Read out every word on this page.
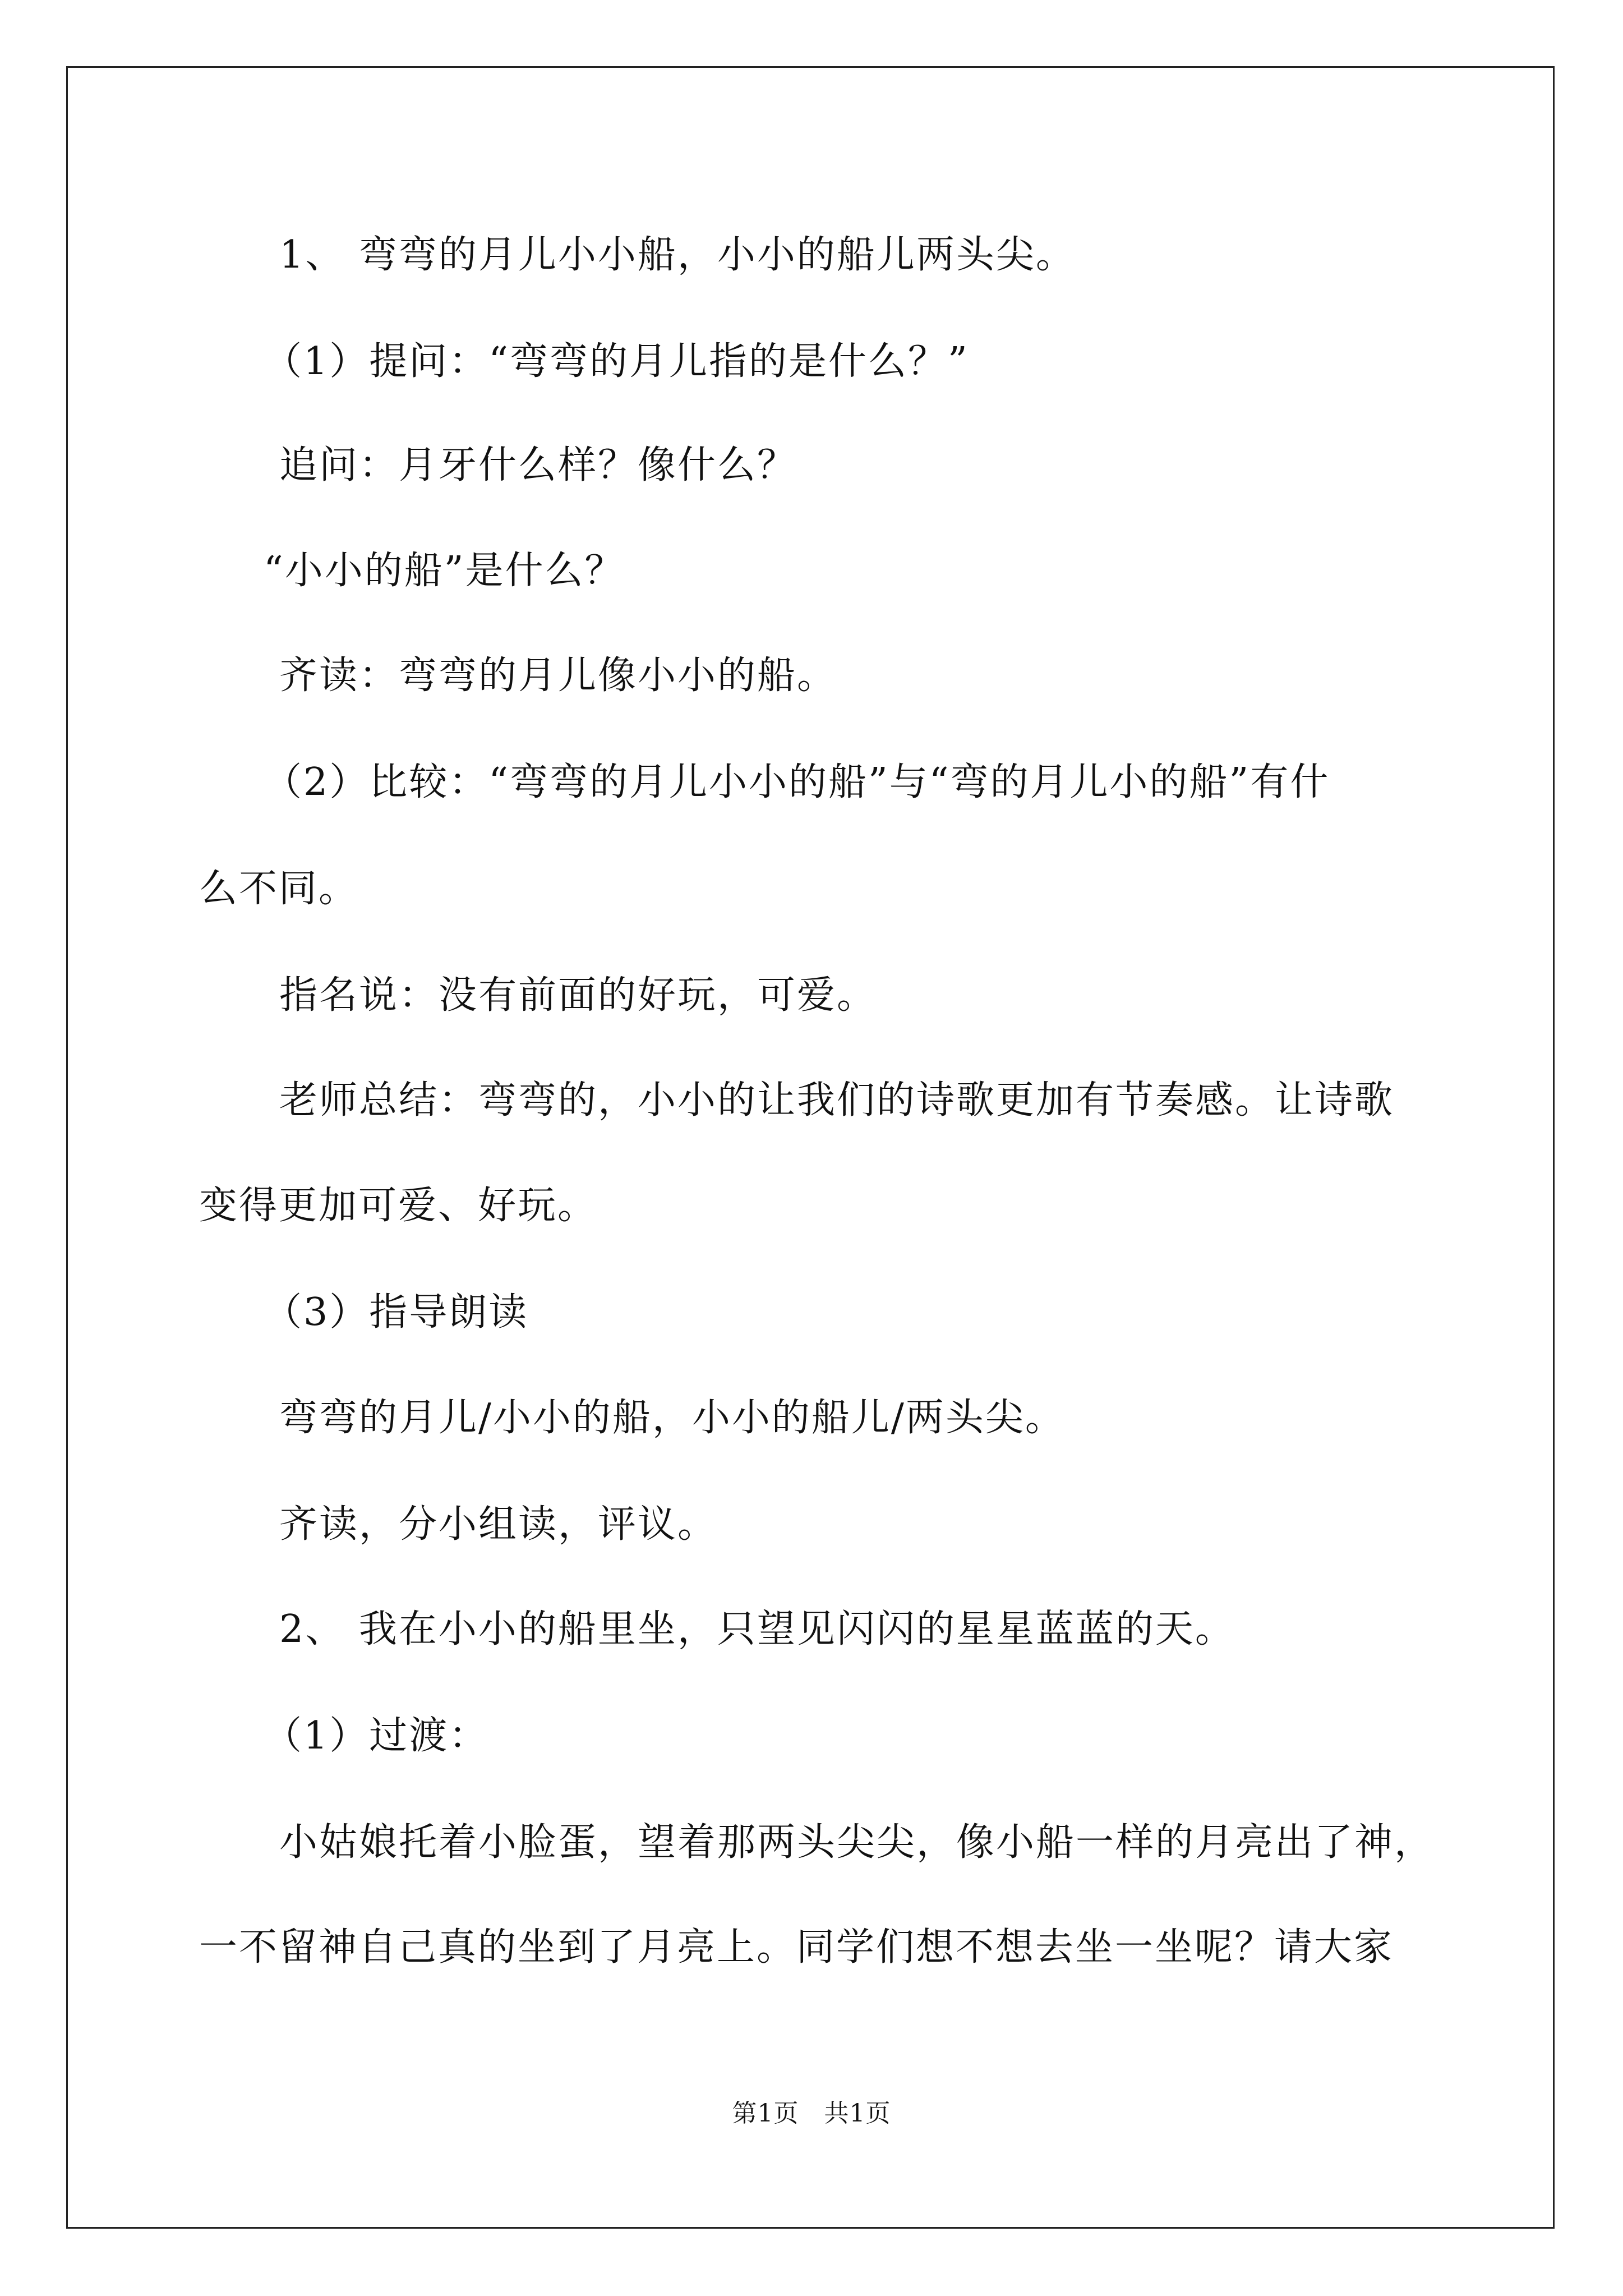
1、 弯弯的月儿小小船，小小的船儿两头尖。
（1）提问：“弯弯的月儿指的是什么？”
追问：月牙什么样？像什么？
“小小的船”是什么？
齐读：弯弯的月儿像小小的船。
（2）比较：“弯弯的月儿小小的船”与“弯的月儿小的船”有什
么不同。
指名说：没有前面的好玩，可爱。
老师总结：弯弯的，小小的让我们的诗歌更加有节奏感。让诗歌
变得更加可爱、好玩。
（3）指导朗读
弯弯的月儿/小小的船，小小的船儿/两头尖。
齐读，分小组读，评议。
2、 我在小小的船里坐，只望见闪闪的星星蓝蓝的天。
（1）过渡：
小姑娘托着小脸蛋，望着那两头尖尖，像小船一样的月亮出了神，
一不留神自己真的坐到了月亮上。同学们想不想去坐一坐呢？请大家
第1页　共1页
